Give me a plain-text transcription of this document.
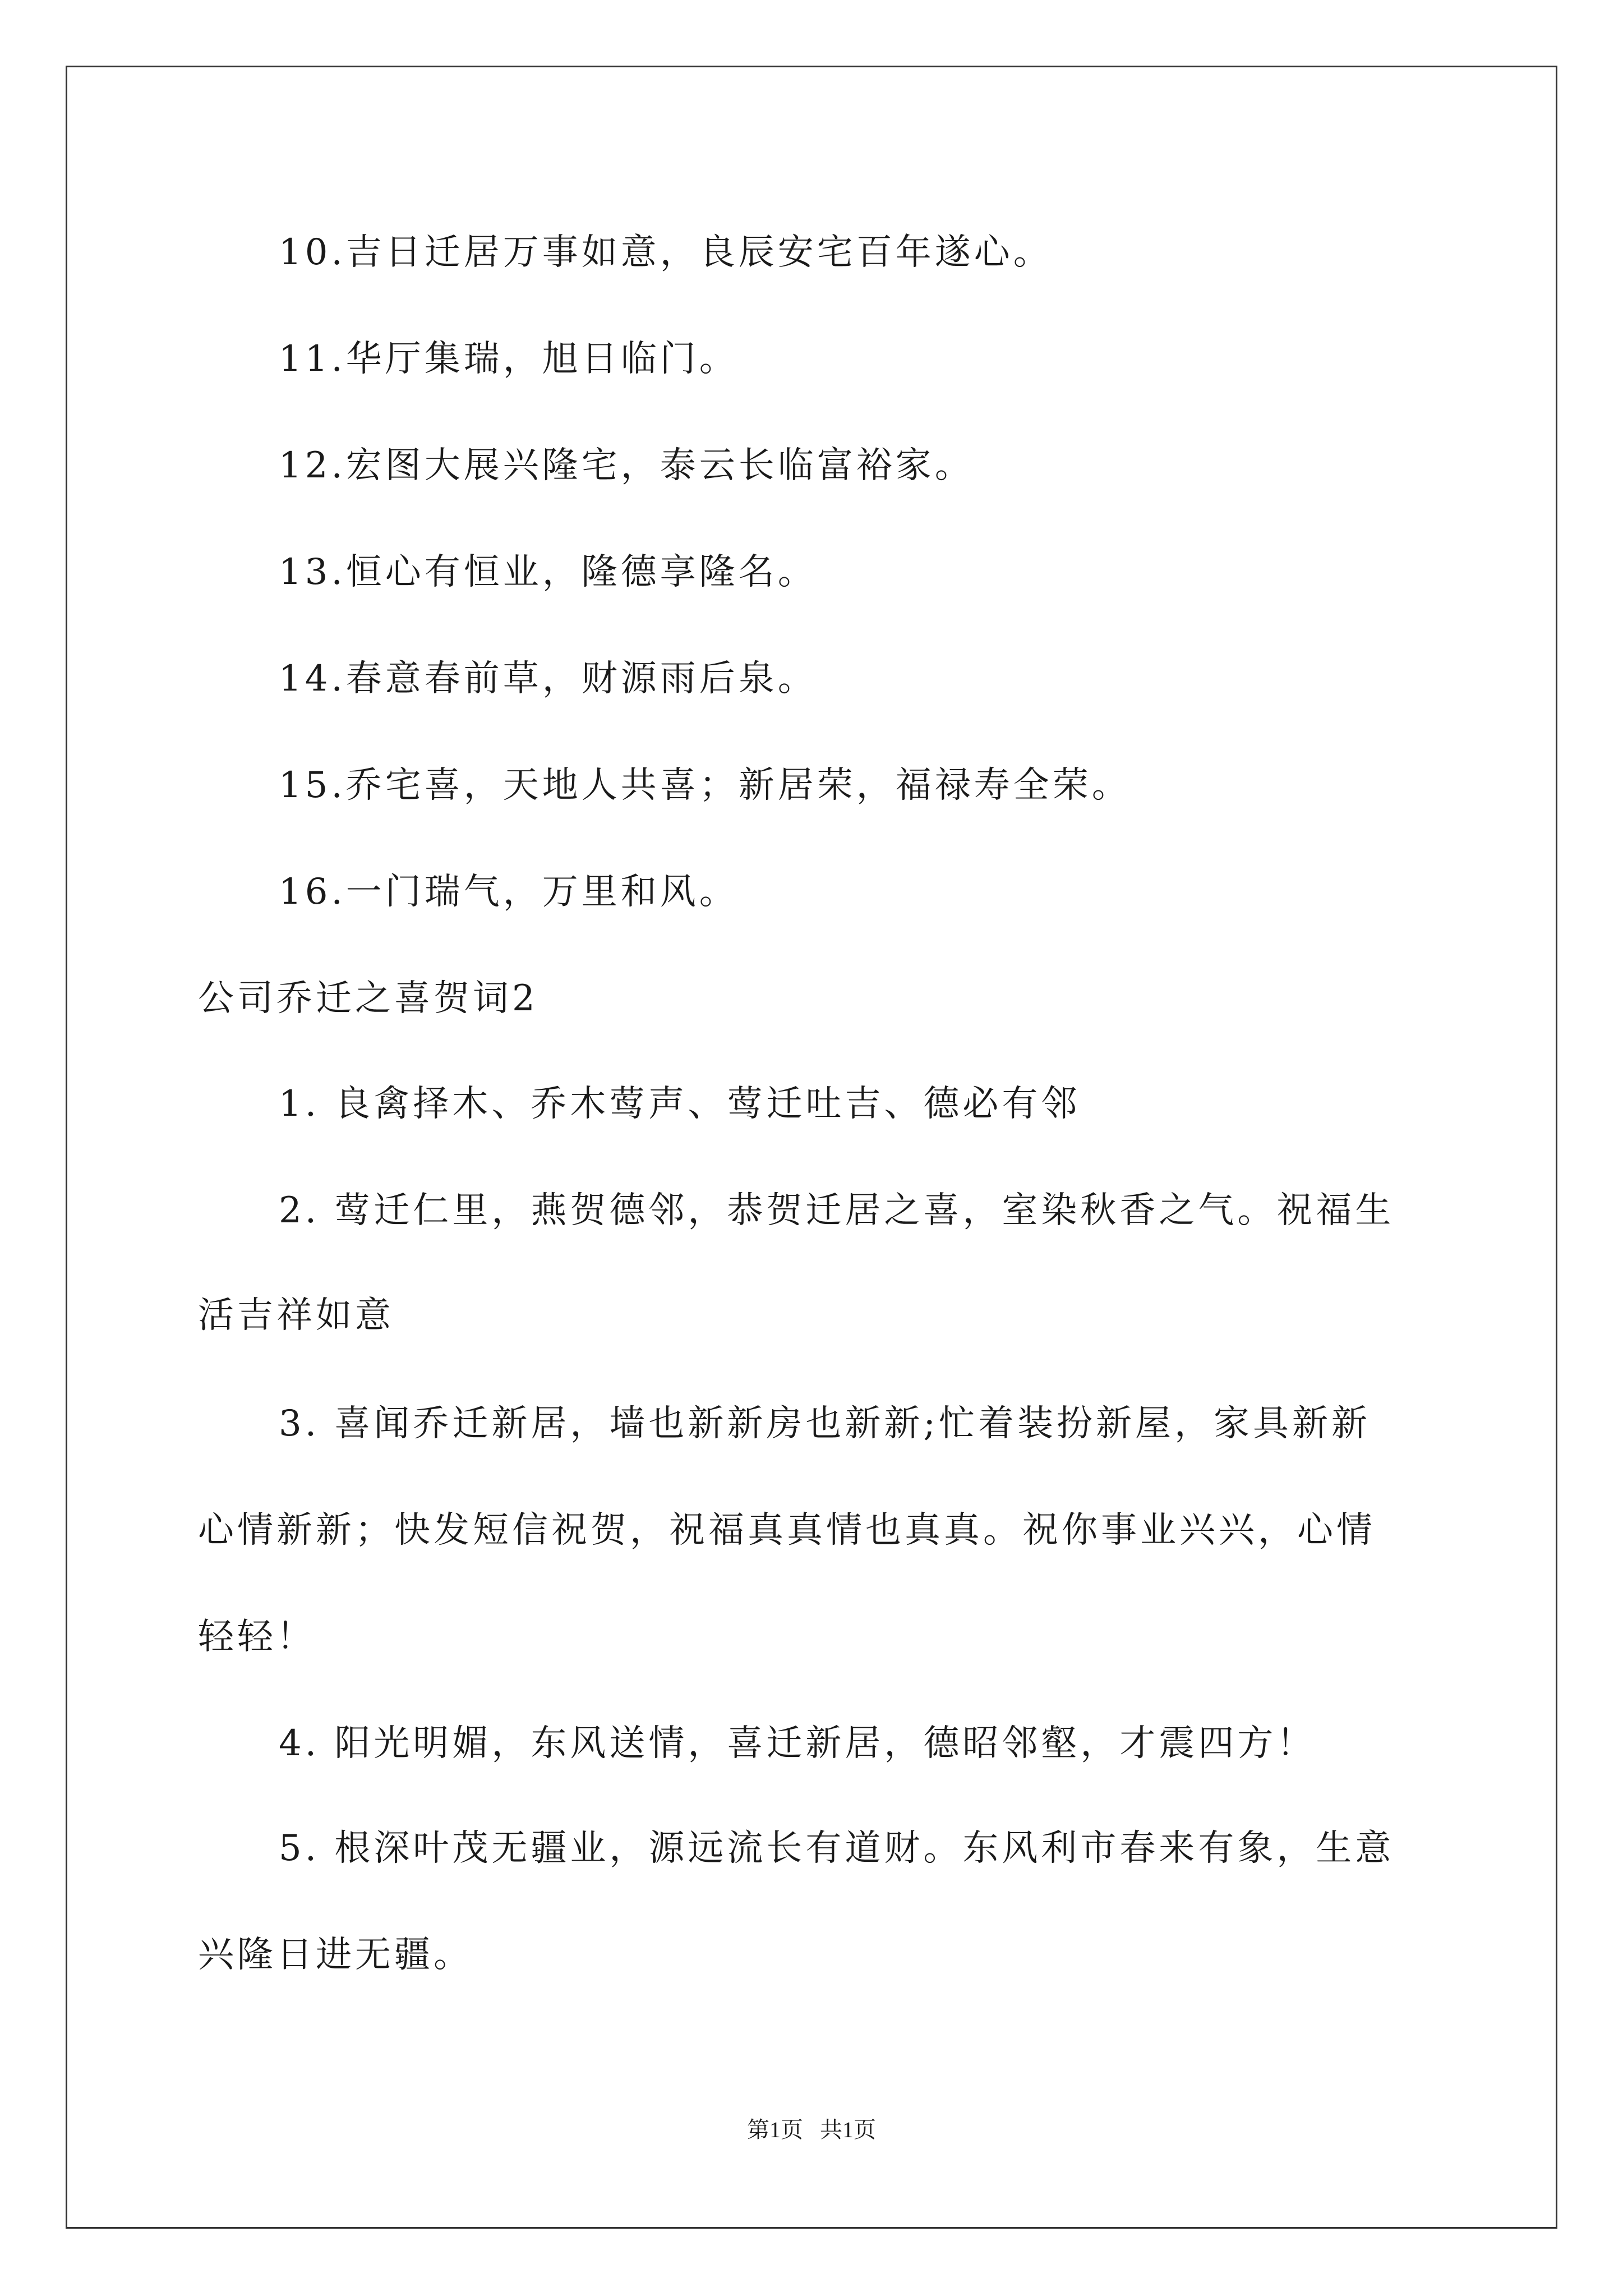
10.吉日迁居万事如意，良辰安宅百年遂心。
11.华厅集瑞，旭日临门。
12.宏图大展兴隆宅，泰云长临富裕家。
13.恒心有恒业，隆德享隆名。
14.春意春前草，财源雨后泉。
15.乔宅喜，天地人共喜；新居荣，福禄寿全荣。
16.一门瑞气，万里和风。
公司乔迁之喜贺词2
1. 良禽择木、乔木莺声、莺迁吐吉、德必有邻
2. 莺迁仁里，燕贺德邻，恭贺迁居之喜，室染秋香之气。祝福生
活吉祥如意
3. 喜闻乔迁新居，墙也新新房也新新;忙着装扮新屋，家具新新
心情新新；快发短信祝贺，祝福真真情也真真。祝你事业兴兴，心情
轻轻！
4. 阳光明媚，东风送情，喜迁新居，德昭邻壑，才震四方！
5. 根深叶茂无疆业，源远流长有道财。东风利市春来有象，生意
兴隆日进无疆。
第1页   共1页
